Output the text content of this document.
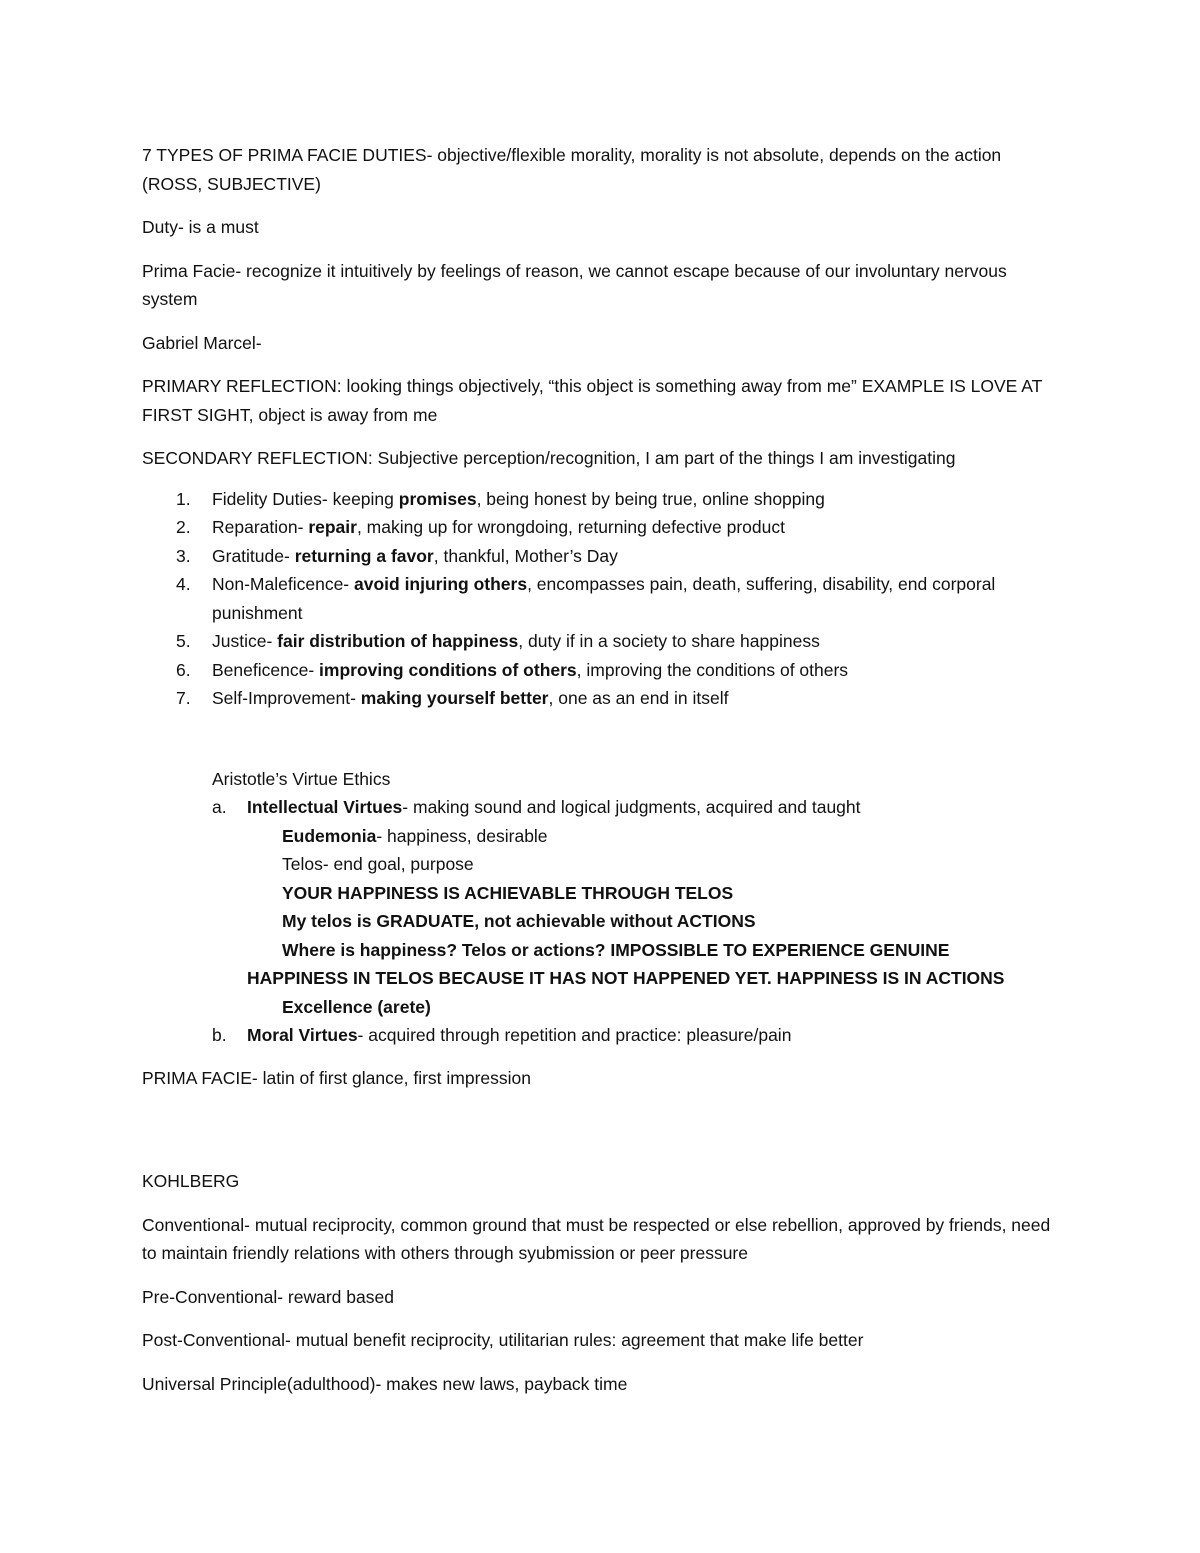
7 TYPES OF PRIMA FACIE DUTIES- objective/flexible morality, morality is not absolute, depends on the action (ROSS, SUBJECTIVE)

Duty- is a must

Prima Facie- recognize it intuitively by feelings of reason, we cannot escape because of our involuntary nervous system

Gabriel Marcel-

PRIMARY REFLECTION: looking things objectively, “this object is something away from me” EXAMPLE IS LOVE AT FIRST SIGHT, object is away from me

SECONDARY REFLECTION: Subjective perception/recognition, I am part of the things I am investigating

1. Fidelity Duties- keeping promises, being honest by being true, online shopping
2. Reparation- repair, making up for wrongdoing, returning defective product
3. Gratitude- returning a favor, thankful, Mother’s Day
4. Non-Maleficence- avoid injuring others, encompasses pain, death, suffering, disability, end corporal punishment
5. Justice- fair distribution of happiness, duty if in a society to share happiness
6. Beneficence- improving conditions of others, improving the conditions of others
7. Self-Improvement- making yourself better, one as an end in itself
Aristotle’s Virtue Ethics
a. Intellectual Virtues- making sound and logical judgments, acquired and taught
Eudemonia- happiness, desirable
Telos- end goal, purpose
YOUR HAPPINESS IS ACHIEVABLE THROUGH TELOS
My telos is GRADUATE, not achievable without ACTIONS
Where is happiness? Telos or actions? IMPOSSIBLE TO EXPERIENCE GENUINE
HAPPINESS IN TELOS BECAUSE IT HAS NOT HAPPENED YET. HAPPINESS IS IN ACTIONS
Excellence (arete)
b. Moral Virtues- acquired through repetition and practice: pleasure/pain

PRIMA FACIE- latin of first glance, first impression

KOHLBERG

Conventional- mutual reciprocity, common ground that must be respected or else rebellion, approved by friends, need to maintain friendly relations with others through syubmission or peer pressure

Pre-Conventional- reward based

Post-Conventional- mutual benefit reciprocity, utilitarian rules: agreement that make life better

Universal Principle(adulthood)- makes new laws, payback time
